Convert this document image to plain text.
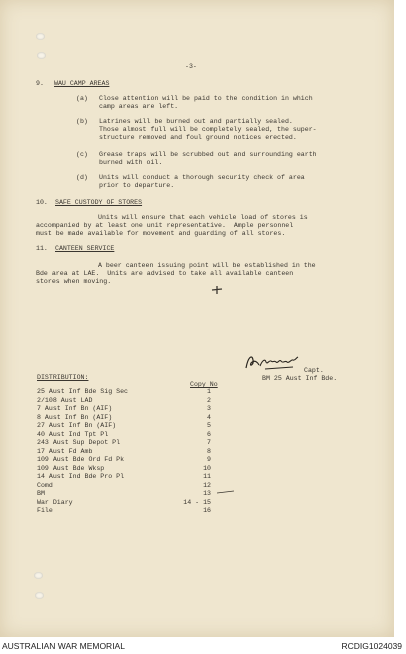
-3-
9. WAU CAMP AREAS
(a) Close attention will be paid to the condition in which
camp areas are left.
(b) Latrines will be burned out and partially sealed.
Those almost full will be completely sealed, the super-
structure removed and foul ground notices erected.
(c) Grease traps will be scrubbed out and surrounding earth
burned with oil.
(d) Units will conduct a thorough security check of area
prior to departure.
10. SAFE CUSTODY OF STORES
Units will ensure that each vehicle load of stores is
accompanied by at least one unit representative.  Ample personnel
must be made available for movement and guarding of all stores.
11. CANTEEN SERVICE
A beer canteen issuing point will be established in the
Bde area at LAE.  Units are advised to take all available canteen
stores when moving.
Capt.
BM 25 Aust Inf Bde.
DISTRIBUTION:
Copy No
25 Aust Inf Bde Sig Sec	1
2/108 Aust LAD	2
7 Aust Inf Bn (AIF)	3
8 Aust Inf Bn (AIF)	4
27 Aust Inf Bn (AIF)	5
40 Aust Ind Tpt Pl	6
243 Aust Sup Depot Pl	7
17 Aust Fd Amb	8
109 Aust Bde Ord Fd Pk	9
109 Aust Bde Wksp	10
14 Aust Ind Bde Pro Pl	11
Comd	12
BM	13
War Diary	14 - 15
File	16
AUSTRALIAN WAR MEMORIAL	RCDIG1024039
